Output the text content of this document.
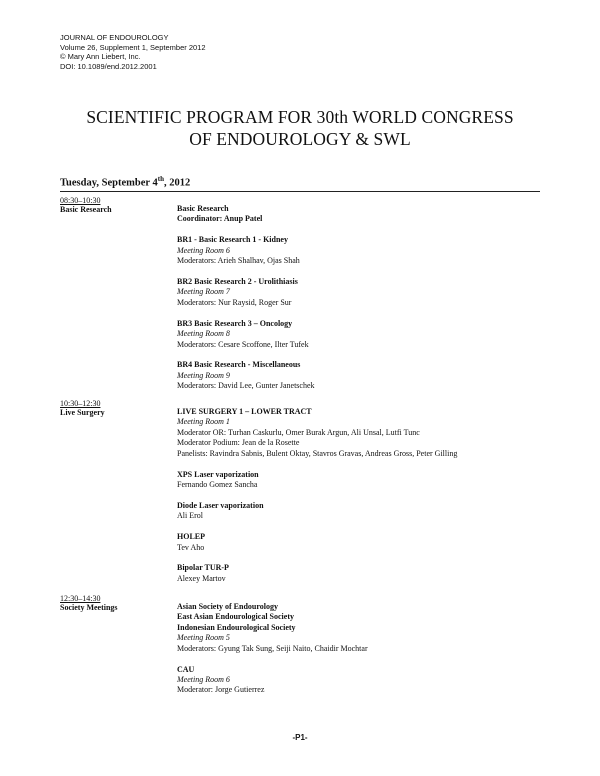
JOURNAL OF ENDOUROLOGY
Volume 26, Supplement 1, September 2012
© Mary Ann Liebert, Inc.
DOI: 10.1089/end.2012.2001
SCIENTIFIC PROGRAM FOR 30th WORLD CONGRESS
OF ENDOUROLOGY & SWL
Tuesday, September 4th, 2012
08:30–10:30
Basic Research	Basic Research
Coordinator: Anup Patel
BR1 - Basic Research 1 - Kidney
Meeting Room 6
Moderators: Arieh Shalhav, Ojas Shah
BR2 Basic Research 2 - Urolithiasis
Meeting Room 7
Moderators: Nur Raysid, Roger Sur
BR3 Basic Research 3 – Oncology
Meeting Room 8
Moderators: Cesare Scoffone, Ilter Tufek
BR4 Basic Research - Miscellaneous
Meeting Room 9
Moderators: David Lee, Gunter Janetschek
10:30–12:30
Live Surgery	LIVE SURGERY 1 – LOWER TRACT
Meeting Room 1
Moderator OR: Turhan Caskurlu, Omer Burak Argun, Ali Unsal, Lutfi Tunc
Moderator Podium: Jean de la Rosette
Panelists: Ravindra Sabnis, Bulent Oktay, Stavros Gravas, Andreas Gross, Peter Gilling
XPS Laser vaporization
Fernando Gomez Sancha
Diode Laser vaporization
Ali Erol
HOLEP
Tev Aho
Bipolar TUR-P
Alexey Martov
12:30–14:30
Society Meetings	Asian Society of Endourology
East Asian Endourological Society
Indonesian Endourological Society
Meeting Room 5
Moderators: Gyung Tak Sung, Seiji Naito, Chaidir Mochtar
CAU
Meeting Room 6
Moderator: Jorge Gutierrez
-P1-
